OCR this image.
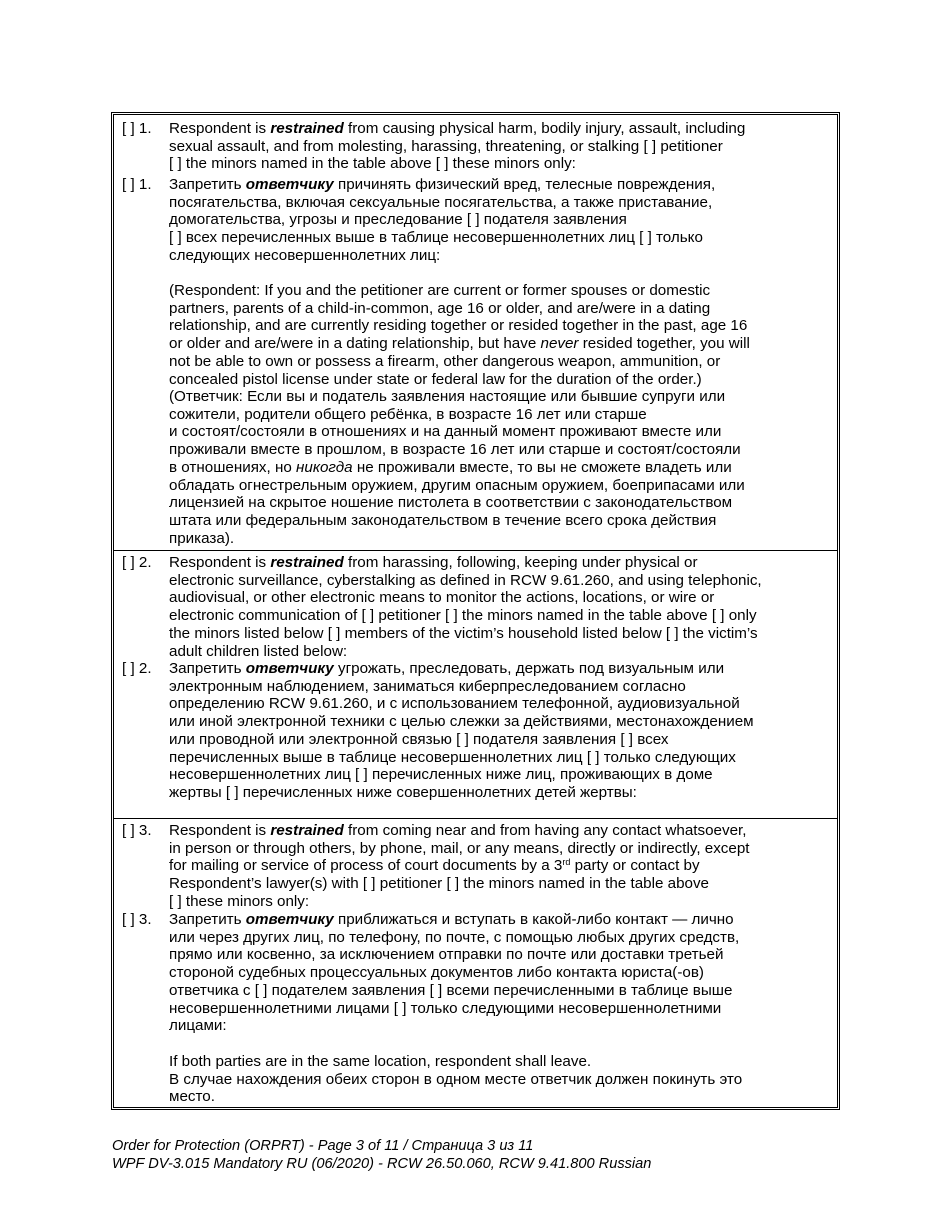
[ ] 1.	Respondent is restrained from causing physical harm, bodily injury, assault, including

sexual assault, and from molesting, harassing, threatening, or stalking [ ] petitioner

[ ] the minors named in the table above [ ] these minors only:

[ ] 1.	Запретить ответчику причинять физический вред, телесные повреждения,

посягательства, включая сексуальные посягательства, а также приставание,

домогательства, угрозы и преследование [ ] подателя заявления

[ ] всех перечисленных выше в таблице несовершеннолетних лиц [ ] только

следующих несовершеннолетних лиц:

(Respondent: If you and the petitioner are current or former spouses or domestic

partners, parents of a child-in-common, age 16 or older, and are/were in a dating

relationship, and are currently residing together or resided together in the past, age 16

or older and are/were in a dating relationship, but have never resided together, you will

not be able to own or possess a firearm, other dangerous weapon, ammunition, or

concealed pistol license under state or federal law for the duration of the order.)

(Ответчик: Если вы и податель заявления настоящие или бывшие супруги или

сожители, родители общего ребёнка, в возрасте 16 лет или старше

и состоят/состояли в отношениях и на данный момент проживают вместе или

проживали вместе в прошлом, в возрасте 16 лет или старше и состоят/состояли

в отношениях, но никогда не проживали вместе, то вы не сможете владеть или

обладать огнестрельным оружием, другим опасным оружием, боеприпасами или

лицензией на скрытое ношение пистолета в соответствии с законодательством

штата или федеральным законодательством в течение всего срока действия

приказа).

[ ] 2.	Respondent is restrained from harassing, following, keeping under physical or

electronic surveillance, cyberstalking as defined in RCW 9.61.260, and using telephonic,

audiovisual, or other electronic means to monitor the actions, locations, or wire or

electronic communication of [ ] petitioner [ ] the minors named in the table above [ ] only

the minors listed below [ ] members of the victim’s household listed below [ ] the victim’s

adult children listed below:

[ ] 2.	Запретить ответчику угрожать, преследовать, держать под визуальным или

электронным наблюдением, заниматься киберпреследованием согласно

определению RCW 9.61.260, и с использованием телефонной, аудиовизуальной

или иной электронной техники с целью слежки за действиями, местонахождением

или проводной или электронной связью [ ] подателя заявления [ ] всех

перечисленных выше в таблице несовершеннолетних лиц [ ] только следующих

несовершеннолетних лиц [ ] перечисленных ниже лиц, проживающих в доме

жертвы [ ] перечисленных ниже совершеннолетних детей жертвы:

[ ] 3.	Respondent is restrained from coming near and from having any contact whatsoever,

in person or through others, by phone, mail, or any means, directly or indirectly, except

for mailing or service of process of court documents by a 3rd party or contact by

Respondent’s lawyer(s) with [ ] petitioner [ ] the minors named in the table above

[ ] these minors only:

[ ] 3.	Запретить ответчику приближаться и вступать в какой-либо контакт — лично

или через других лиц, по телефону, по почте, с помощью любых других средств,

прямо или косвенно, за исключением отправки по почте или доставки третьей

стороной судебных процессуальных документов либо контакта юриста(-ов)

ответчика с [ ] подателем заявления [ ] всеми перечисленными в таблице выше

несовершеннолетними лицами [ ] только следующими несовершеннолетними

лицами:

If both parties are in the same location, respondent shall leave.

В случае нахождения обеих сторон в одном месте ответчик должен покинуть это

место.

Order for Protection (ORPRT) - Page 3 of 11 / Страница 3 из 11

WPF DV-3.015 Mandatory RU (06/2020) - RCW 26.50.060, RCW 9.41.800 Russian
